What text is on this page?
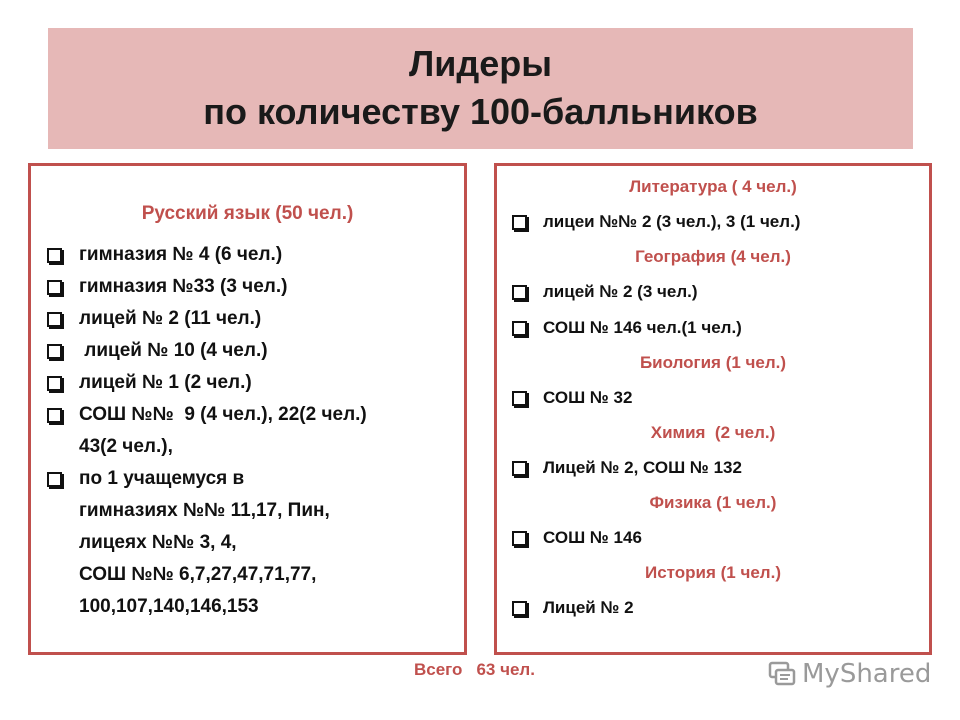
Лидеры
по количеству 100-балльников
Русский язык (50 чел.)
гимназия № 4 (6 чел.)
гимназия №33 (3 чел.)
лицей № 2 (11 чел.)
лицей № 10 (4 чел.)
лицей № 1 (2 чел.)
СОШ №№  9 (4 чел.), 22(2 чел.)
43(2 чел.),
по 1 учащемуся в
гимназиях №№ 11,17, Пин,
лицеях №№ 3, 4,
СОШ №№ 6,7,27,47,71,77,
100,107,140,146,153
Литература ( 4 чел.)
лицеи №№ 2 (3 чел.), 3 (1 чел.)
География (4 чел.)
лицей № 2 (3 чел.)
СОШ № 146 чел.(1 чел.)
Биология (1 чел.)
СОШ № 32
Химия  (2 чел.)
Лицей № 2, СОШ № 132
Физика (1 чел.)
СОШ № 146
История (1 чел.)
Лицей № 2
Всего 63 чел.	MyShared
